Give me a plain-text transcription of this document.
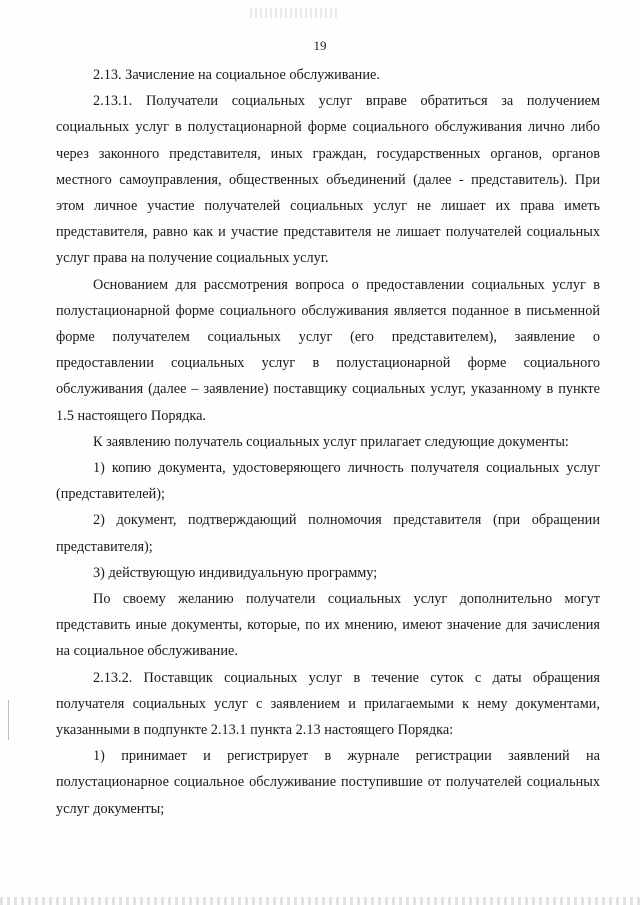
19

2.13. Зачисление на социальное обслуживание.

2.13.1. Получатели социальных услуг вправе обратиться за получением социальных услуг в полустационарной форме социального обслуживания лично либо через законного представителя, иных граждан, государственных органов, органов местного самоуправления, общественных объединений (далее - представитель). При этом личное участие получателей социальных услуг не лишает их права иметь представителя, равно как и участие представителя не лишает получателей социальных услуг права на получение социальных услуг.

Основанием для рассмотрения вопроса о предоставлении социальных услуг в полустационарной форме социального обслуживания является поданное в письменной форме получателем социальных услуг (его представителем), заявление о предоставлении социальных услуг в полустационарной форме социального обслуживания (далее – заявление) поставщику социальных услуг, указанному в пункте 1.5 настоящего Порядка.

К заявлению получатель социальных услуг прилагает следующие документы:

1) копию документа, удостоверяющего личность получателя социальных услуг (представителей);

2) документ, подтверждающий полномочия представителя (при обращении представителя);

3) действующую индивидуальную программу;

По своему желанию получатели социальных услуг дополнительно могут представить иные документы, которые, по их мнению, имеют значение для зачисления на социальное обслуживание.

2.13.2. Поставщик социальных услуг в течение суток с даты обращения получателя социальных услуг с заявлением и прилагаемыми к нему документами, указанными в подпункте 2.13.1 пункта 2.13 настоящего Порядка:

1) принимает и регистрирует в журнале регистрации заявлений на полустационарное социальное обслуживание поступившие от получателей социальных услуг документы;
